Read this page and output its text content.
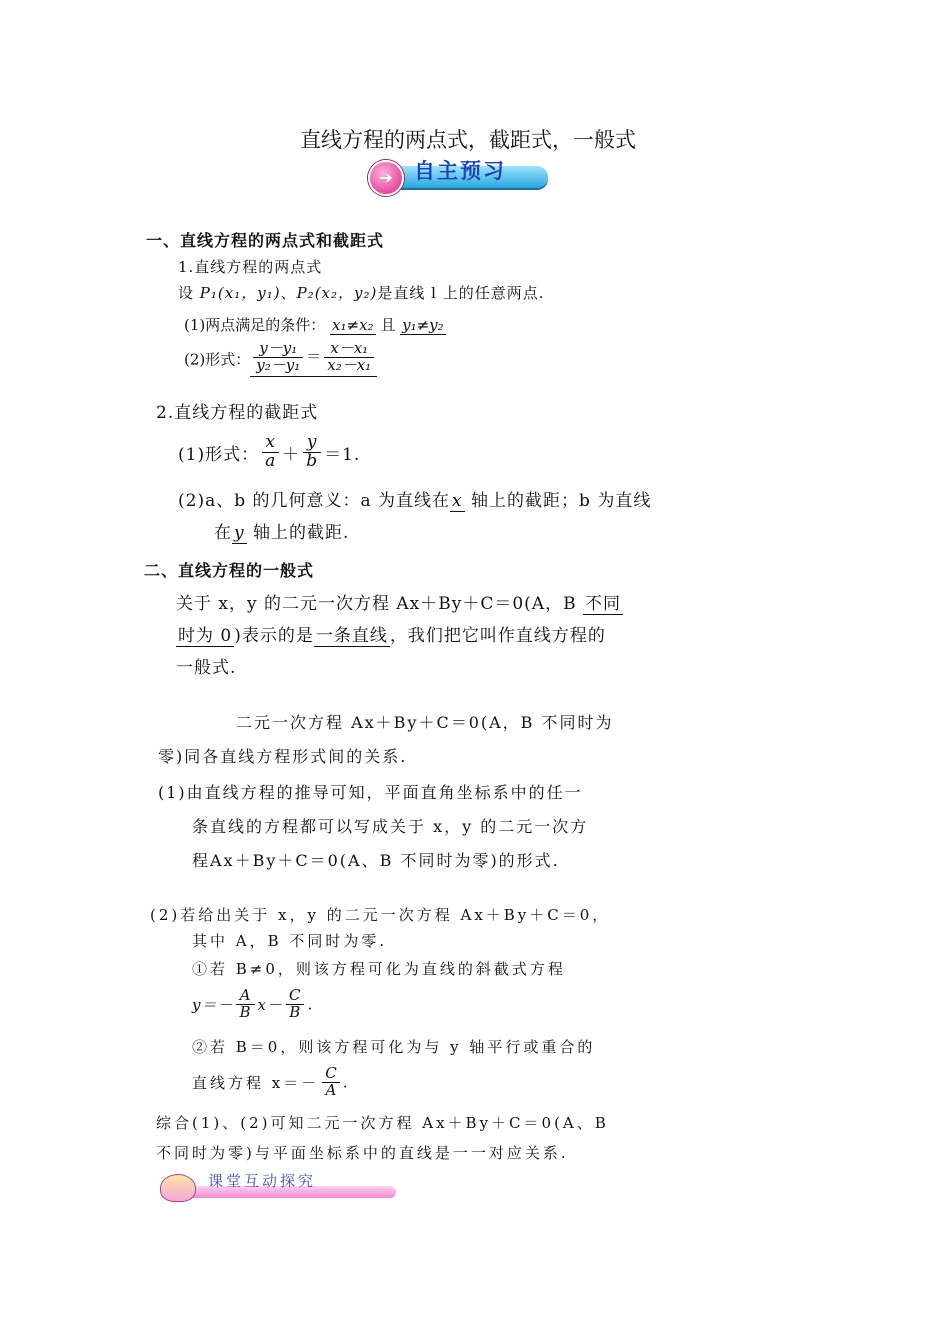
直线方程的两点式，截距式，一般式
➔	自主预习
一、直线方程的两点式和截距式
1.直线方程的两点式
设 P₁(x₁，y₁)、P₂(x₂，y₂)是直线 l 上的任意两点.
(1)两点满足的条件： x₁≠x₂ 且 y₁≠y₂
(2)形式： $\frac{\text{y－y₁}}{\text{y₂－y₁}} = \frac{\text{x－x₁}}{\text{x₂－x₁}}$
2.直线方程的截距式
(1)形式： $\frac{x}{a} + \frac{y}{b} =1$.
(2)a、b 的几何意义：a 为直线在 x 轴上的截距；b 为直线
在 y 轴上的截距.
二、直线方程的一般式
关于 x，y 的二元一次方程 Ax＋By＋C＝0(A，B 不同
时为 0 )表示的是 一条直线 ，我们把它叫作直线方程的
一般式.
二元一次方程 Ax＋By＋C＝0(A，B 不同时为
零)同各直线方程形式间的关系.
(1)由直线方程的推导可知，平面直角坐标系中的任一
条直线的方程都可以写成关于 x，y 的二元一次方
程Ax＋By＋C＝0(A、B 不同时为零)的形式.
(2)若给出关于 x，y 的二元一次方程 Ax＋By＋C＝0，
其中 A，B 不同时为零.
①若 B≠0，则该方程可化为直线的斜截式方程
$y=- \frac{A}{B} x- \frac{C}{B}$ .
②若 B＝0，则该方程可化为与 y 轴平行或重合的
直线方程 $x=- \frac{C}{A}$ .
综合(1)、(2)可知二元一次方程 Ax＋By＋C＝0(A、B
不同时为零)与平面坐标系中的直线是一一对应关系.
课堂互动探究
